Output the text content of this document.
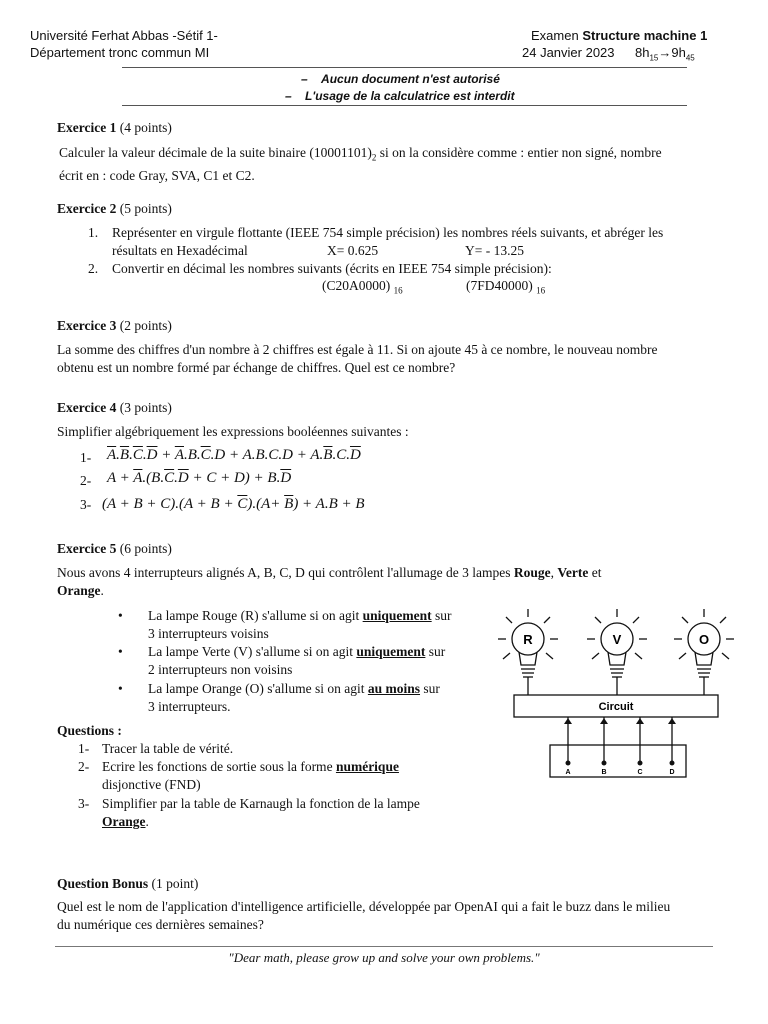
Université Ferhat Abbas -Sétif 1-
Département tronc commun MI
Examen Structure machine 1
24 Janvier 2023 $8h_{15}\to 9h_{45}$
– Aucun document n'est autorisé
– L'usage de la calculatrice est interdit
Exercice 1 (4 points)
Calculer la valeur décimale de la suite binaire $(10001101)_2$ si on la considère comme : entier non signé, nombre
écrit en : code Gray, SVA, C1 et C2.
Exercice 2 (5 points)
1. Représenter en virgule flottante (IEEE 754 simple précision) les nombres réels suivants, et abréger les
résultats en Hexadécimal	X= 0.625	Y= - 13.25
2. Convertir en décimal les nombres suivants (écrits en IEEE 754 simple précision):
(C20A0000) $_{16}$	(7FD40000) $_{16}$
Exercice 3 (2 points)
La somme des chiffres d'un nombre à 2 chiffres est égale à 11. Si on ajoute 45 à ce nombre, le nouveau nombre
obtenu est un nombre formé par échange de chiffres. Quel est ce nombre?
Exercice 4 (3 points)
Simplifier algébriquement les expressions booléennes suivantes :
1- $\overline{A}.\overline{B}.\overline{C}.\overline{D} + \overline{A}.B.\overline{C}.D + A.B.C.D + A.\overline{B}.C.\overline{D}$
2- $A + \overline{A}.(B.\overline{C}.\overline{D} + C + D) + B.\overline{D}$
3- $(A + B + C).(A + B + \overline{C}).(A+ \overline{B}) + A.B + B$
Exercice 5 (6 points)
Nous avons 4 interrupteurs alignés A, B, C, D qui contrôlent l'allumage de 3 lampes Rouge, Verte et
Orange.
• La lampe Rouge (R) s'allume si on agit uniquement sur
3 interrupteurs voisins
• La lampe Verte (V) s'allume si on agit uniquement sur
2 interrupteurs non voisins
• La lampe Orange (O) s'allume si on agit au moins sur
3 interrupteurs.
Questions :
1- Tracer la table de vérité.
2- Ecrire les fonctions de sortie sous la forme numérique
disjonctive (FND)
3- Simplifier par la table de Karnaugh la fonction de la lampe
Orange.
R	V	O
Circuit
A	B	C	D
Question Bonus (1 point)
Quel est le nom de l'application d'intelligence artificielle, développée par OpenAI qui a fait le buzz dans le milieu
du numérique ces dernières semaines?
"Dear math, please grow up and solve your own problems."
